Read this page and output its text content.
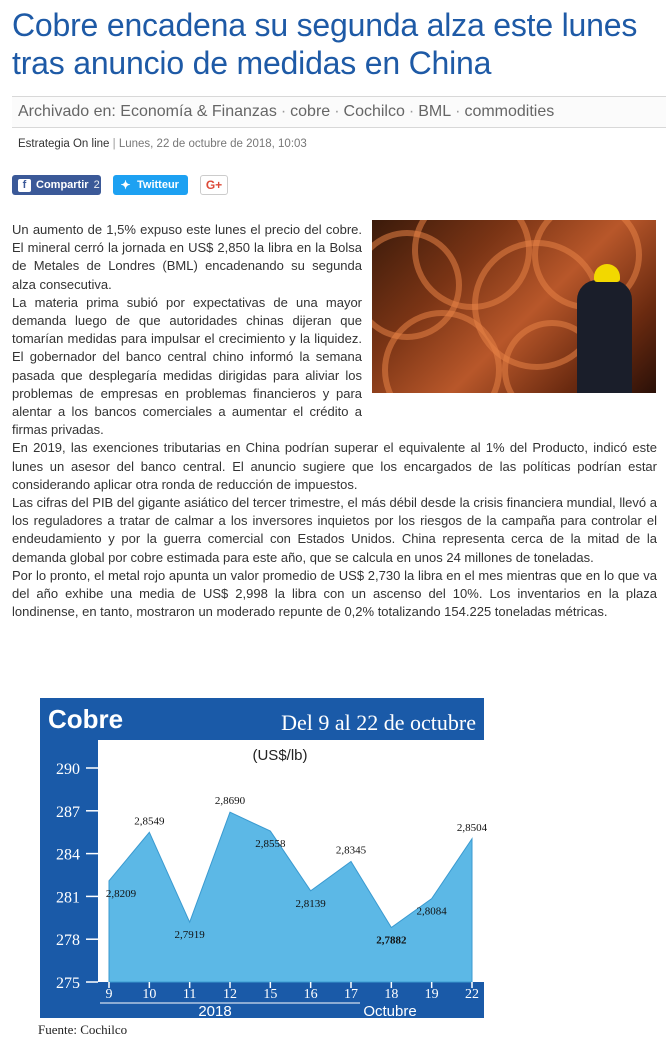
Cobre encadena su segunda alza este lunes tras anuncio de medidas en China
Archivado en: Economía & Finanzas · cobre · Cochilco · BML · commodities
Estrategia On line | Lunes, 22 de octubre de 2018, 10:03
f Compartir 2 ✦ Twitteur G+

Un aumento de 1,5% expuso este lunes el precio del cobre. El mineral cerró la jornada en US$ 2,850 la libra en la Bolsa de Metales de Londres (BML) encadenando su segunda alza consecutiva.

La materia prima subió por expectativas de una mayor demanda luego de que autoridades chinas dijeran que tomarían medidas para impulsar el crecimiento y la liquidez. El gobernador del banco central chino informó la semana pasada que desplegaría medidas dirigidas para aliviar los problemas de empresas en problemas financieros y para alentar a los bancos comerciales a aumentar el crédito a firmas privadas.

En 2019, las exenciones tributarias en China podrían superar el equivalente al 1% del Producto, indicó este lunes un asesor del banco central. El anuncio sugiere que los encargados de las políticas podrían estar considerando aplicar otra ronda de reducción de impuestos.

Las cifras del PIB del gigante asiático del tercer trimestre, el más débil desde la crisis financiera mundial, llevó a los reguladores a tratar de calmar a los inversores inquietos por los riesgos de la campaña para controlar el endeudamiento y por la guerra comercial con Estados Unidos. China representa cerca de la mitad de la demanda global por cobre estimada para este año, que se calcula en unos 24 millones de toneladas.

Por lo pronto, el metal rojo apunta un valor promedio de US$ 2,730 la libra en el mes mientras que en lo que va del año exhibe una media de US$ 2,998 la libra con un ascenso del 10%. Los inventarios en la plaza londinense, en tanto, mostraron un moderado repunte de 0,2% totalizando 154.225 toneladas métricas.

Cobre	Del 9 al 22 de octubre
(US$/lb)
275
278
281
284
287
290
2,8209
2,8549
2,7919
2,8690
2,8558
2,8139
2,8345
2,7882
2,8084
2,8504
9 10 11 12 15 16 17 18 19 22
2018	Octubre
Fuente: Cochilco
